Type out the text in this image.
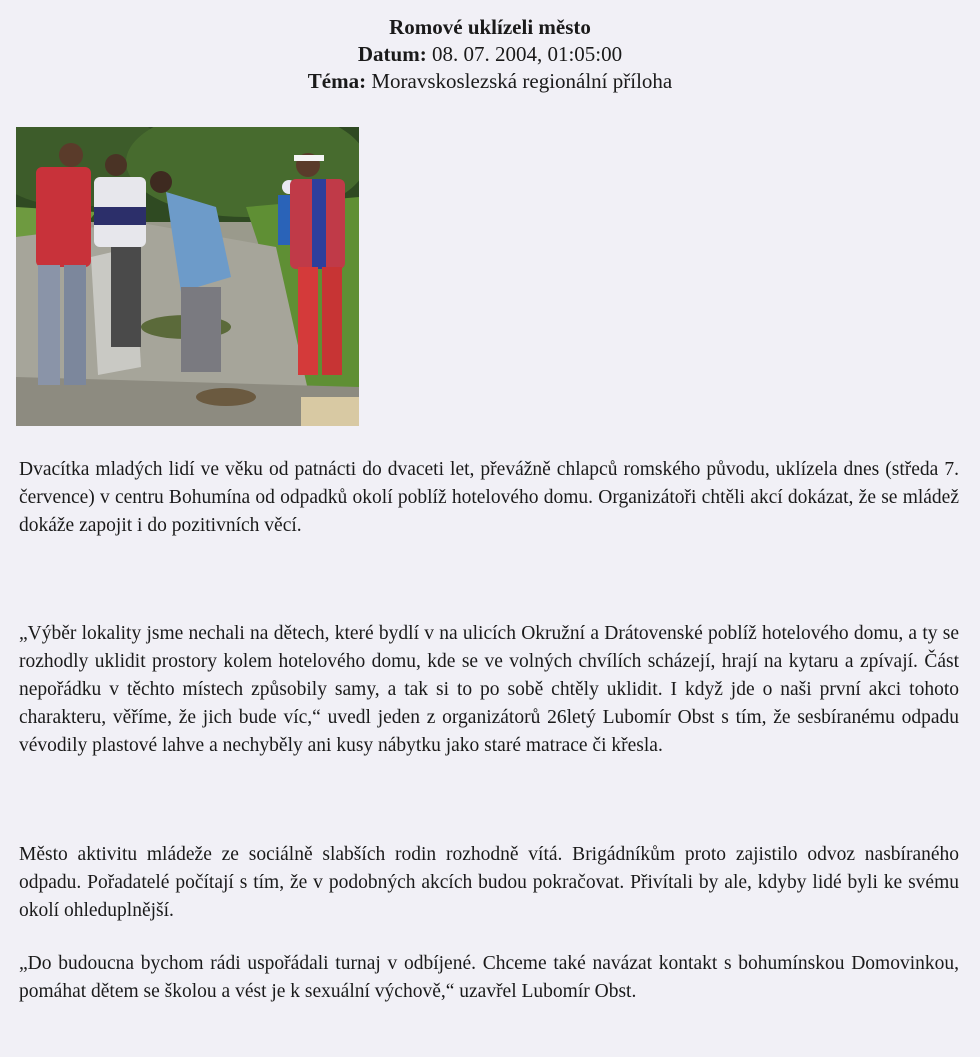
Romové uklízeli město
Datum: 08. 07. 2004, 01:05:00
Téma: Moravskoslezská regionální příloha

Dvacítka mladých lidí ve věku od patnácti do dvaceti let, převážně chlapců romského původu, uklízela dnes (středa 7. července) v centru Bohumína od odpadků okolí poblíž hotelového domu. Organizátoři chtěli akcí dokázat, že se mládež dokáže zapojit i do pozitivních věcí.

„Výběr lokality jsme nechali na dětech, které bydlí v na ulicích Okružní a Drátovenské poblíž hotelového domu, a ty se rozhodly uklidit prostory kolem hotelového domu, kde se ve volných chvílích scházejí, hrají na kytaru a zpívají. Část nepořádku v těchto místech způsobily samy, a tak si to po sobě chtěly uklidit. I když jde o naši první akci tohoto charakteru, věříme, že jich bude víc,“ uvedl jeden z organizátorů 26letý Lubomír Obst s tím, že sesbíranému odpadu vévodily plastové lahve a nechyběly ani kusy nábytku jako staré matrace či křesla.

Město aktivitu mládeže ze sociálně slabších rodin rozhodně vítá. Brigádníkům proto zajistilo odvoz nasbíraného odpadu. Pořadatelé počítají s tím, že v podobných akcích budou pokračovat. Přivítali by ale, kdyby lidé byli ke svému okolí ohleduplnější.

„Do budoucna bychom rádi uspořádali turnaj v odbíjené. Chceme také navázat kontakt s bohumínskou Domovinkou, pomáhat dětem se školou a vést je k sexuální výchově,“ uzavřel Lubomír Obst.
